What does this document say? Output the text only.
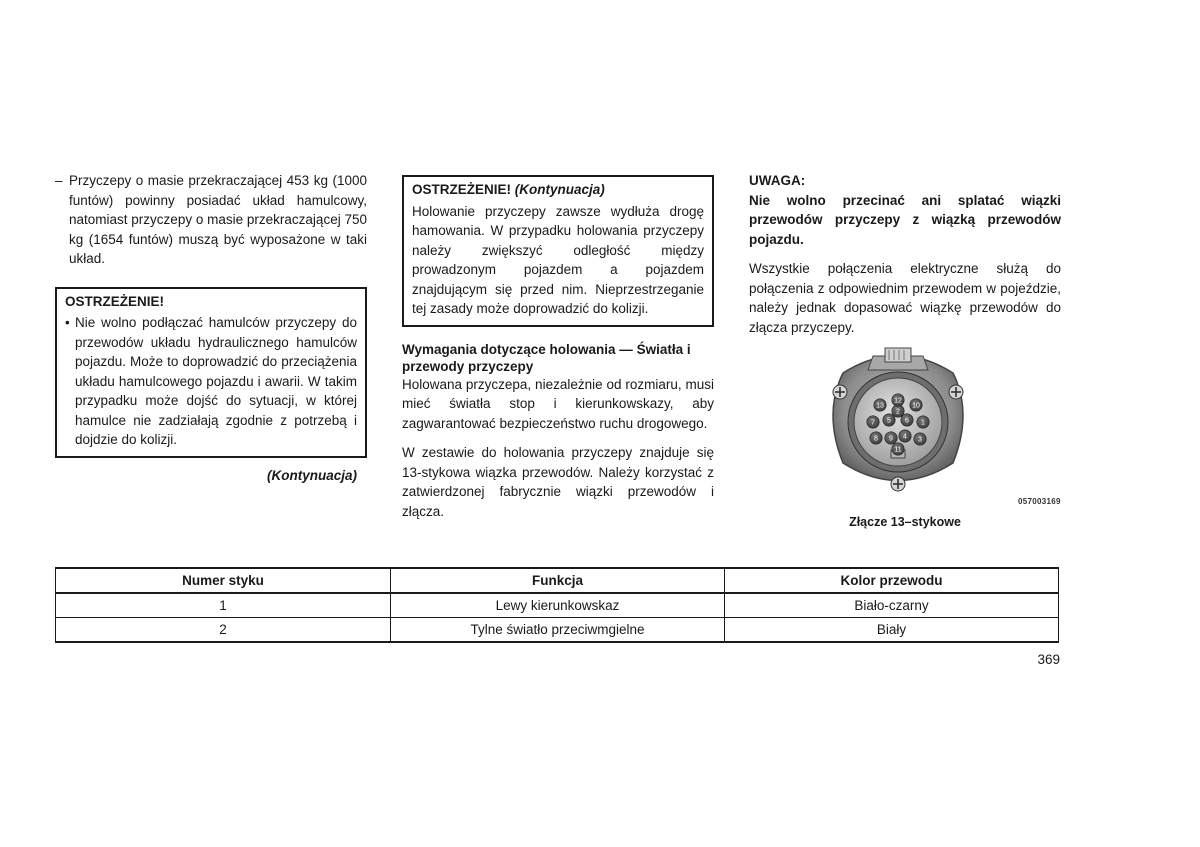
– Przyczepy o masie przekraczającej 453 kg (1000 funtów) powinny posiadać układ hamulcowy, natomiast przyczepy o masie przekraczającej 750 kg (1654 funtów) muszą być wyposażone w taki układ.
OSTRZEŻENIE!
• Nie wolno podłączać hamulców przyczepy do przewodów układu hydraulicznego hamulców pojazdu. Może to doprowadzić do przeciążenia układu hamulcowego pojazdu i awarii. W takim przypadku może dojść do sytuacji, w której hamulce nie zadziałają zgodnie z potrzebą i dojdzie do kolizji.
(Kontynuacja)
OSTRZEŻENIE! (Kontynuacja)
Holowanie przyczepy zawsze wydłuża drogę hamowania. W przypadku holowania przyczepy należy zwiększyć odległość między prowadzonym pojazdem a pojazdem znajdującym się przed nim. Nieprzestrzeganie tej zasady może doprowadzić do kolizji.
Wymagania dotyczące holowania — Światła i przewody przyczepy
Holowana przyczepa, niezależnie od rozmiaru, musi mieć światła stop i kierunkowskazy, aby zagwarantować bezpieczeństwo ruchu drogowego.
W zestawie do holowania przyczepy znajduje się 13-stykowa wiązka przewodów. Należy korzystać z zatwierdzonej fabrycznie wiązki przewodów i złącza.
UWAGA:
Nie wolno przecinać ani splatać wiązki przewodów przyczepy z wiązką przewodów pojazdu.
Wszystkie połączenia elektryczne służą do połączenia z odpowiednim przewodem w pojeździe, należy jednak dopasować wiązkę przewodów do złącza przyczepy.
1
2
3
4
5 6
7
8 9
10
11
12
13
057003169
Złącze 13–stykowe
Numer styku	Funkcja	Kolor przewodu
1	Lewy kierunkowskaz	Biało-czarny
2	Tylne światło przeciwmgielne	Biały
369
